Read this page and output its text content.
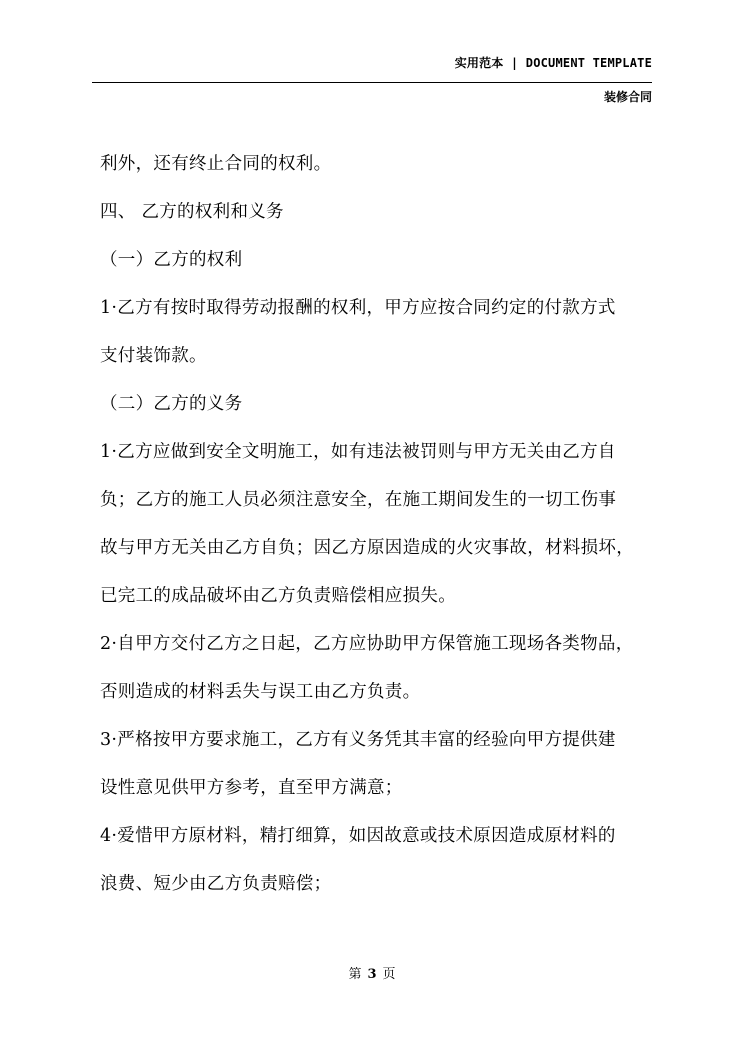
实用范本 | DOCUMENT TEMPLATE
装修合同
利外，还有终止合同的权利。
四、 乙方的权利和义务
（一）乙方的权利
1·乙方有按时取得劳动报酬的权利，甲方应按合同约定的付款方式
支付装饰款。
（二）乙方的义务
1·乙方应做到安全文明施工，如有违法被罚则与甲方无关由乙方自
负；乙方的施工人员必须注意安全，在施工期间发生的一切工伤事
故与甲方无关由乙方自负；因乙方原因造成的火灾事故，材料损坏，
已完工的成品破坏由乙方负责赔偿相应损失。
2·自甲方交付乙方之日起，乙方应协助甲方保管施工现场各类物品，
否则造成的材料丢失与误工由乙方负责。
3·严格按甲方要求施工，乙方有义务凭其丰富的经验向甲方提供建
设性意见供甲方参考，直至甲方满意；
4·爱惜甲方原材料，精打细算，如因故意或技术原因造成原材料的
浪费、短少由乙方负责赔偿；
第 3 页
